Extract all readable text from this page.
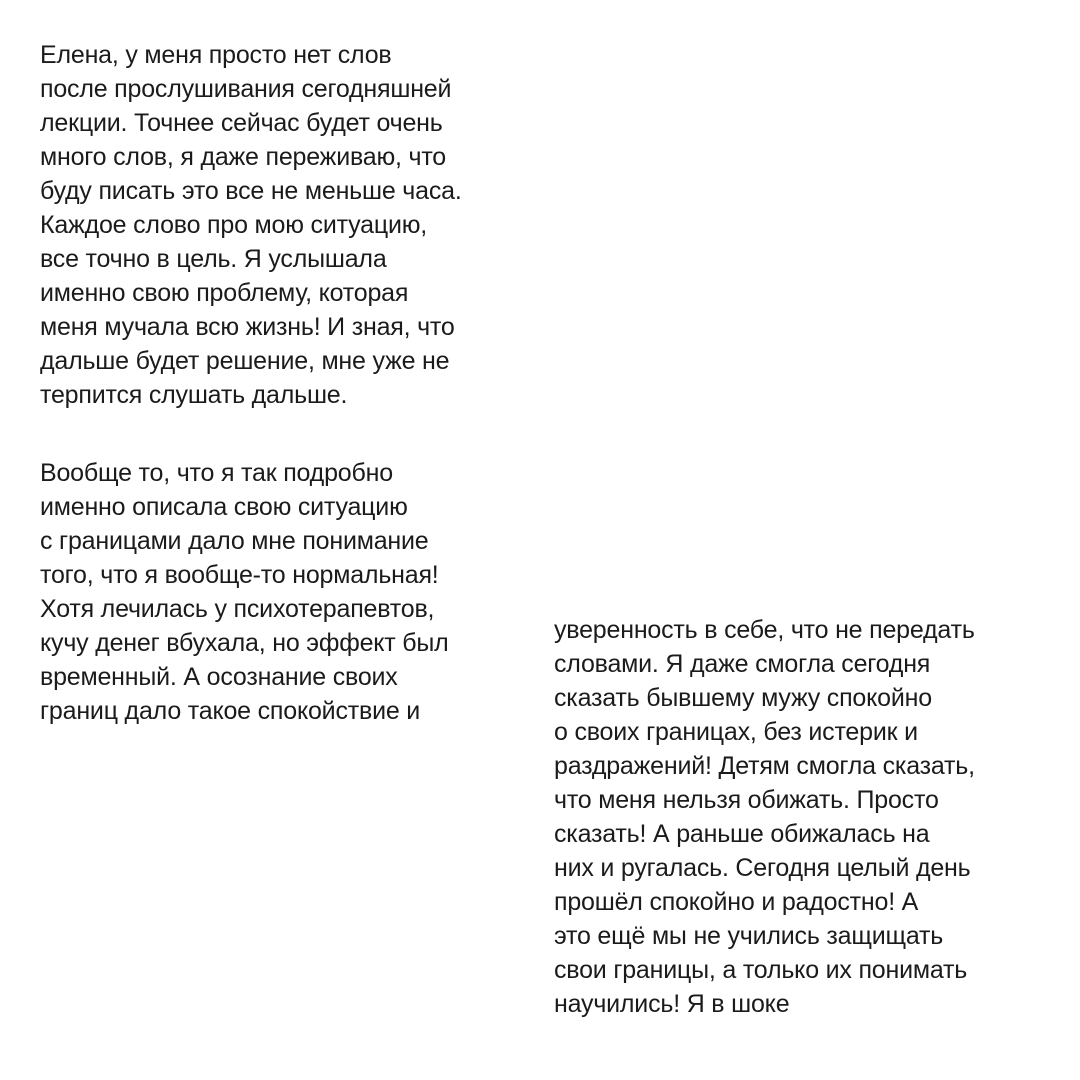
Елена, у меня просто нет слов
после прослушивания сегодняшней
лекции. Точнее сейчас будет очень
много слов, я даже переживаю, что
буду писать это все не меньше часа.
Каждое слово про мою ситуацию,
все точно в цель. Я услышала
именно свою проблему, которая
меня мучала всю жизнь! И зная, что
дальше будет решение, мне уже не
терпится слушать дальше.

Вообще то, что я так подробно
именно описала свою ситуацию
с границами дало мне понимание
того, что я вообще-то нормальная!
Хотя лечилась у психотерапевтов,
кучу денег вбухала, но эффект был
временный. А осознание своих
границ дало такое спокойствие и

уверенность в себе, что не передать
словами. Я даже смогла сегодня
сказать бывшему мужу спокойно
о своих границах, без истерик и
раздражений! Детям смогла сказать,
что меня нельзя обижать. Просто
сказать! А раньше обижалась на
них и ругалась. Сегодня целый день
прошёл спокойно и радостно! А
это ещё мы не учились защищать
свои границы, а только их понимать
научились! Я в шоке
